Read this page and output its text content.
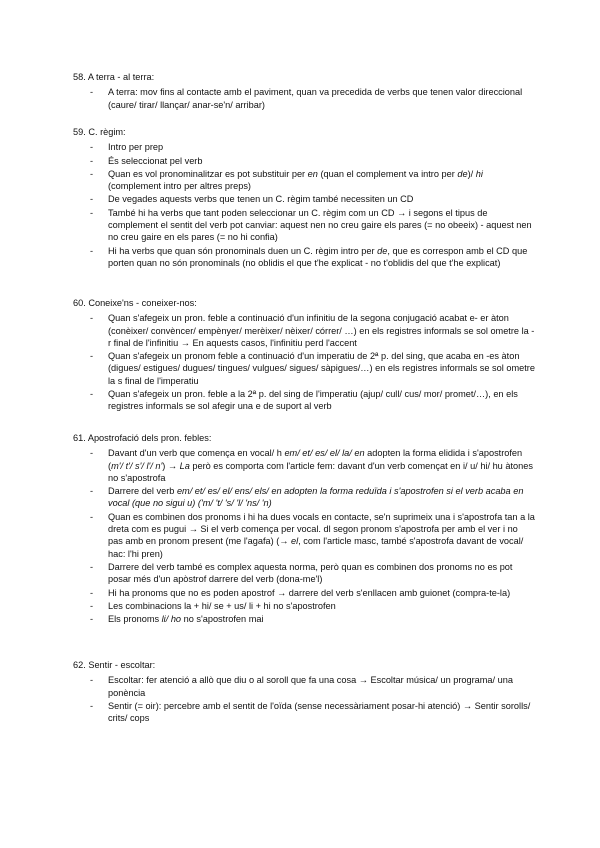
58. A terra - al terra:

- A terra: mov fins al contacte amb el paviment, quan va precedida de verbs que tenen valor direccional (caure/ tirar/ llançar/ anar-se'n/ arribar)

59. C. règim:

- Intro per prep
- És seleccionat pel verb
- Quan es vol pronominalitzar es pot substituir per en (quan el complement va intro per de)/ hi (complement intro per altres preps)
- De vegades aquests verbs que tenen un C. règim també necessiten un CD
- També hi ha verbs que tant poden seleccionar un C. règim com un CD → i segons el tipus de complement el sentit del verb pot canviar: aquest nen no creu gaire els pares (= no obeeix) - aquest nen no creu gaire en els pares (= no hi confia)
- Hi ha verbs que quan són pronominals duen un C. règim intro per de, que es correspon amb el CD que porten quan no són pronominals (no oblidis el que t'he explicat - no t'oblidis del que t'he explicat)

60. Coneixe'ns - coneixer-nos:

- Quan s'afegeix un pron. feble a continuació d'un infinitiu de la segona conjugació acabat e- er àton (conèixer/ convèncer/ empènyer/ merèixer/ nèixer/ córrer/ …) en els registres informals se sol ometre la -r final de l'infinitiu → En aquests casos, l'infinitiu perd l'accent
- Quan s'afegeix un pronom feble a continuació d'un imperatiu de 2ª p. del sing, que acaba en -es àton (digues/ estigues/ dugues/ tingues/ vulgues/ sigues/ sàpigues/…) en els registres informals se sol ometre la s final de l'imperatiu
- Quan s'afegeix un pron. feble a la 2ª p. del sing de l'imperatiu (ajup/ cull/ cus/ mor/ promet/…), en els registres informals se sol afegir una e de suport al verb

61. Apostrofació dels pron. febles:

- Davant d'un verb que comença en vocal/ h em/ et/ es/ el/ la/ en adopten la forma elidida i s'apostrofen (m'/ t'/ s'/ l'/ n') → La però es comporta com l'article fem: davant d'un verb començat en i/ u/ hi/ hu àtones no s'apostrofa
- Darrere del verb em/ et/ es/ el/ ens/ els/ en adopten la forma reduïda i s'apostrofen si el verb acaba en vocal (que no sigui u) ('m/ 't/ 's/ 'l/ 'ns/ 'n)
- Quan es combinen dos pronoms i hi ha dues vocals en contacte, se'n suprimeix una i s'apostrofa tan a la dreta com es pugui → Si el verb comença per vocal. dl segon pronom s'apostrofa per amb el ver i no pas amb en pronom present (me l'agafa) (→ el, com l'article masc, també s'apostrofa davant de vocal/ hac: l'hi pren)
- Darrere del verb també es complex aquesta norma, però quan es combinen dos pronoms no es pot posar més d'un apòstrof darrere del verb (dona-me'l)
- Hi ha pronoms que no es poden apostrof → darrere del verb s'enllacen amb guionet (compra-te-la)
- Les combinacions la + hi/ se + us/ li + hi no s'apostrofen
- Els pronoms li/ ho no s'apostrofen mai

62. Sentir - escoltar:

- Escoltar: fer atenció a allò que diu o al soroll que fa una cosa → Escoltar música/ un programa/ una ponència
- Sentir (= oir): percebre amb el sentit de l'oïda (sense necessàriament posar-hi atenció) → Sentir sorolls/ crits/ cops
